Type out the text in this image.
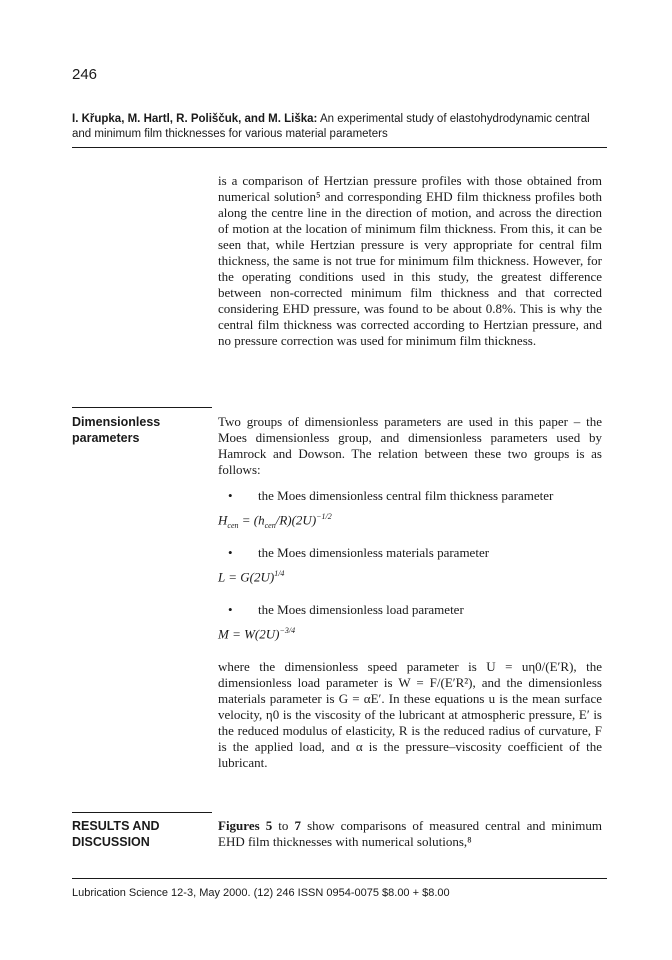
246
I. Křupka, M. Hartl, R. Poliščuk, and M. Liška: An experimental study of elastohydrodynamic central and minimum film thicknesses for various material parameters
is a comparison of Hertzian pressure profiles with those obtained from numerical solution⁵ and corresponding EHD film thickness profiles both along the centre line in the direction of motion, and across the direction of motion at the location of minimum film thickness. From this, it can be seen that, while Hertzian pressure is very appropriate for central film thickness, the same is not true for minimum film thickness. However, for the operating conditions used in this study, the greatest difference between non-corrected minimum film thickness and that corrected considering EHD pressure, was found to be about 0.8%. This is why the central film thickness was corrected according to Hertzian pressure, and no pressure correction was used for minimum film thickness.
Dimensionless
parameters
Two groups of dimensionless parameters are used in this paper – the Moes dimensionless group, and dimensionless parameters used by Hamrock and Dowson. The relation between these two groups is as follows:
•	the Moes dimensionless central film thickness parameter
$H_{cen} = (h_{cen}/R)(2U)^{-1/2}$
•	the Moes dimensionless materials parameter
$L = G(2U)^{1/4}$
•	the Moes dimensionless load parameter
$M = W(2U)^{-3/4}$
where the dimensionless speed parameter is U = uη0/(E′R), the dimensionless load parameter is W = F/(E′R²), and the dimensionless materials parameter is G = αE′. In these equations u is the mean surface velocity, η0 is the viscosity of the lubricant at atmospheric pressure, E′ is the reduced modulus of elasticity, R is the reduced radius of curvature, F is the applied load, and α is the pressure–viscosity coefficient of the lubricant.
RESULTS AND
DISCUSSION
Figures 5 to 7 show comparisons of measured central and minimum EHD film thicknesses with numerical solutions,⁸
Lubrication Science 12-3, May 2000. (12) 246 ISSN 0954-0075 $8.00 + $8.00
